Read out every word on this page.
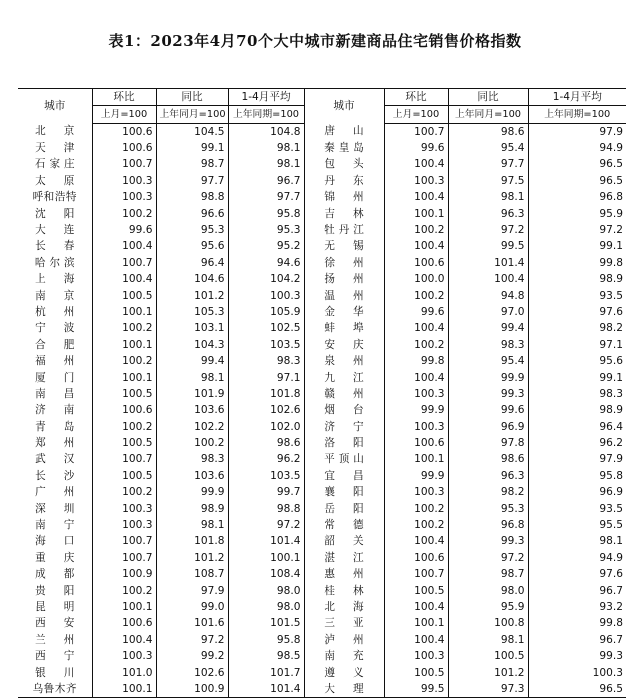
表1：2023年4月70个大中城市新建商品住宅销售价格指数
城市	环比	同比	1-4月平均	城市	环比	同比	1-4月平均
	上月=100	上年同月=100	上年同期=100		上月=100	上年同月=100	上年同期=100
北京	100.6	104.5	104.8	唐山	100.7	98.6	97.9
天津	100.6	99.1	98.1	秦皇岛	99.6	95.4	94.9
石家庄	100.7	98.7	98.1	包头	100.4	97.7	96.5
太原	100.3	97.7	96.7	丹东	100.3	97.5	96.5
呼和浩特	100.3	98.8	97.7	锦州	100.4	98.1	96.8
沈阳	100.2	96.6	95.8	吉林	100.1	96.3	95.9
大连	99.6	95.3	95.3	牡丹江	100.2	97.2	97.2
长春	100.4	95.6	95.2	无锡	100.4	99.5	99.1
哈尔滨	100.7	96.4	94.6	徐州	100.6	101.4	99.8
上海	100.4	104.6	104.2	扬州	100.0	100.4	98.9
南京	100.5	101.2	100.3	温州	100.2	94.8	93.5
杭州	100.1	105.3	105.9	金华	99.6	97.0	97.6
宁波	100.2	103.1	102.5	蚌埠	100.4	99.4	98.2
合肥	100.1	104.3	103.5	安庆	100.2	98.3	97.1
福州	100.2	99.4	98.3	泉州	99.8	95.4	95.6
厦门	100.1	98.1	97.1	九江	100.4	99.9	99.1
南昌	100.5	101.9	101.8	赣州	100.3	99.3	98.3
济南	100.6	103.6	102.6	烟台	99.9	99.6	98.9
青岛	100.2	102.2	102.0	济宁	100.3	96.9	96.4
郑州	100.5	100.2	98.6	洛阳	100.6	97.8	96.2
武汉	100.7	98.3	96.2	平顶山	100.1	98.6	97.9
长沙	100.5	103.6	103.5	宜昌	99.9	96.3	95.8
广州	100.2	99.9	99.7	襄阳	100.3	98.2	96.9
深圳	100.3	98.9	98.8	岳阳	100.2	95.3	93.5
南宁	100.3	98.1	97.2	常德	100.2	96.8	95.5
海口	100.7	101.8	101.4	韶关	100.4	99.3	98.1
重庆	100.7	101.2	100.1	湛江	100.6	97.2	94.9
成都	100.9	108.7	108.4	惠州	100.7	98.7	97.6
贵阳	100.2	97.9	98.0	桂林	100.5	98.0	96.7
昆明	100.1	99.0	98.0	北海	100.4	95.9	93.2
西安	100.6	101.6	101.5	三亚	100.1	100.8	99.8
兰州	100.4	97.2	95.8	泸州	100.4	98.1	96.7
西宁	100.3	99.2	98.5	南充	100.3	100.5	99.3
银川	101.0	102.6	101.7	遵义	100.5	101.2	100.3
乌鲁木齐	100.1	100.9	101.4	大理	99.5	97.3	96.5
